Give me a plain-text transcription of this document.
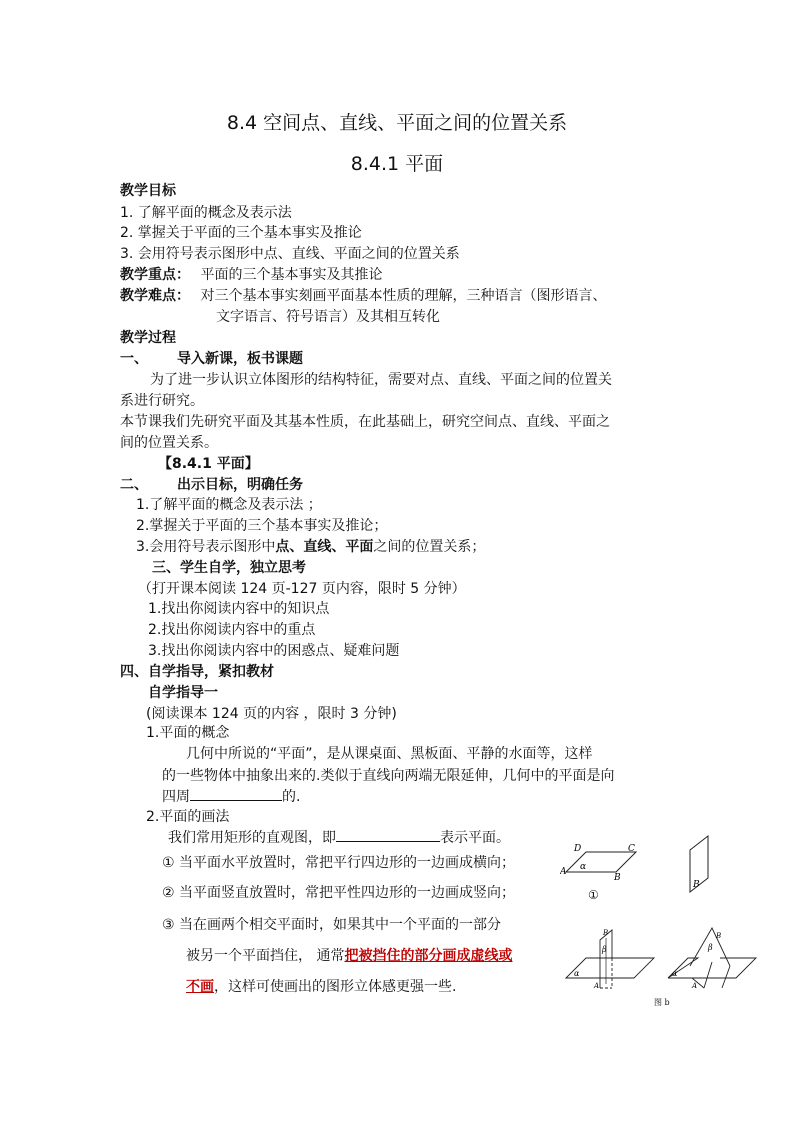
8.4 空间点、直线、平面之间的位置关系
8.4.1 平面
教学目标
1. 了解平面的概念及表示法
2. 掌握关于平面的三个基本事实及推论
3. 会用符号表示图形中点、直线、平面之间的位置关系
教学重点： 平面的三个基本事实及其推论
教学难点： 对三个基本事实刻画平面基本性质的理解，三种语言（图形语言、
文字语言、符号语言）及其相互转化
教学过程
一、 导入新课，板书课题
为了进一步认识立体图形的结构特征，需要对点、直线、平面之间的位置关
系进行研究。
本节课我们先研究平面及其基本性质，在此基础上，研究空间点、直线、平面之
间的位置关系。
【8.4.1 平面】
二、 出示目标，明确任务
1.了解平面的概念及表示法 ；
2.掌握关于平面的三个基本事实及推论；
3.会用符号表示图形中点、直线、平面之间的位置关系；
三、学生自学，独立思考
（打开课本阅读 124 页-127 页内容，限时 5 分钟）
1.找出你阅读内容中的知识点
2.找出你阅读内容中的重点
3.找出你阅读内容中的困惑点、疑难问题
四、自学指导，紧扣教材
自学指导一
(阅读课本 124 页的内容 ，限时 3 分钟)
1.平面的概念
几何中所说的“平面”，是从课桌面、黑板面、平静的水面等，这样
的一些物体中抽象出来的.类似于直线向两端无限延伸，几何中的平面是向
四周	的.
2.平面的画法
我们常用矩形的直观图，即	表示平面。
① 当平面水平放置时，常把平行四边形的一边画成横向；
② 当平面竖直放置时，常把平性四边形的一边画成竖向；
③ 当在画两个相交平面时，如果其中一个平面的一部分
被另一个平面挡住， 通常把被挡住的部分画成虚线或
不画，这样可使画出的图形立体感更强一些.
D	C
A
B
α
①
B
β
α
A
B
β
α
A
B
图 b
